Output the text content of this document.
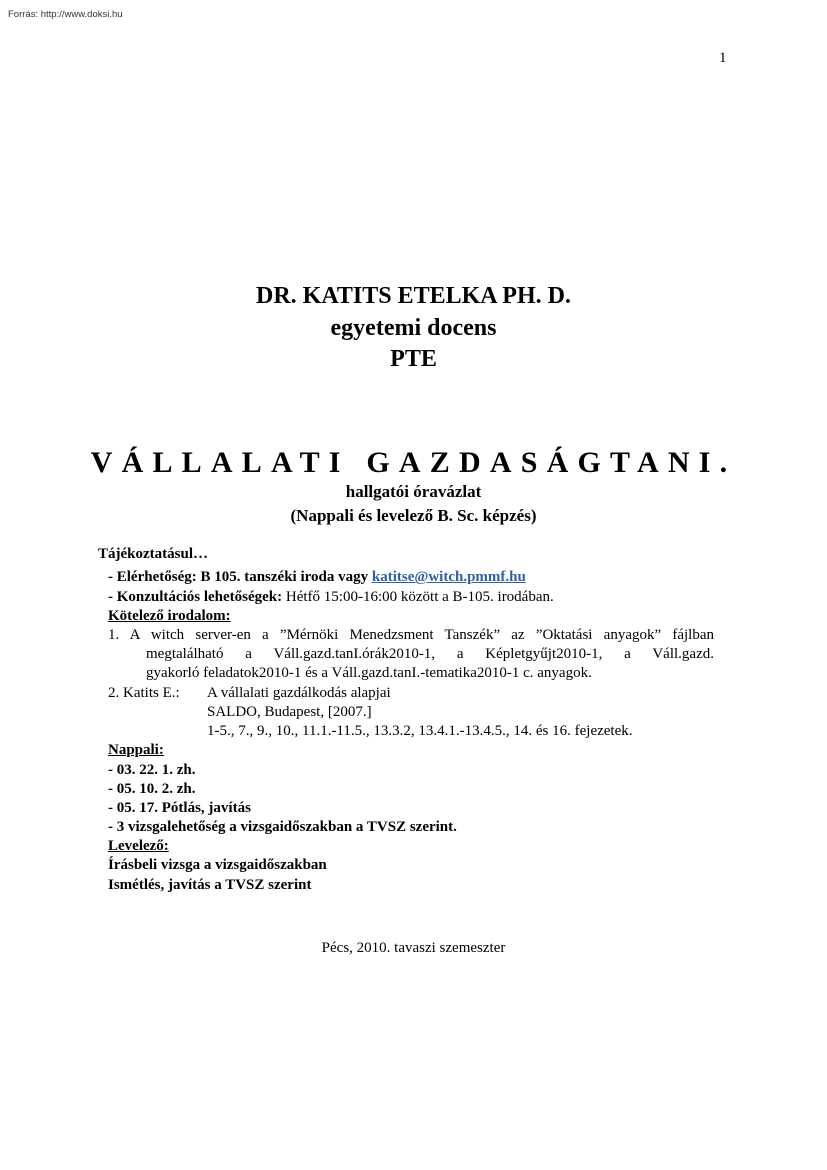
Forrás: http://www.doksi.hu
1
DR. KATITS ETELKA PH. D.
egyetemi docens
PTE
VÁLLALATI GAZDASÁGTANI.
hallgatói óravázlat
(Nappali és levelező B. Sc. képzés)
Tájékoztatásul…
- Elérhetőség: B 105. tanszéki iroda vagy katitse@witch.pmmf.hu
- Konzultációs lehetőségek: Hétfő 15:00-16:00 között a B-105. irodában.
Kötelező irodalom:
1. A witch server-en a ”Mérnöki Menedzsment Tanszék” az ”Oktatási anyagok” fájlban
megtalálható a Váll.gazd.tanI.órák2010-1, a Képletgyűjt2010-1, a Váll.gazd.
gyakorló feladatok2010-1 és a Váll.gazd.tanI.-tematika2010-1 c. anyagok.
2. Katits E.: A vállalati gazdálkodás alapjai
SALDO, Budapest, [2007.]
1-5., 7., 9., 10., 11.1.-11.5., 13.3.2, 13.4.1.-13.4.5., 14. és 16. fejezetek.
Nappali:
- 03. 22. 1. zh.
- 05. 10. 2. zh.
- 05. 17. Pótlás, javítás
- 3 vizsgalehetőség a vizsgaidőszakban a TVSZ szerint.
Levelező:
Írásbeli vizsga a vizsgaidőszakban
Ismétlés, javítás a TVSZ szerint
Pécs, 2010. tavaszi szemeszter
